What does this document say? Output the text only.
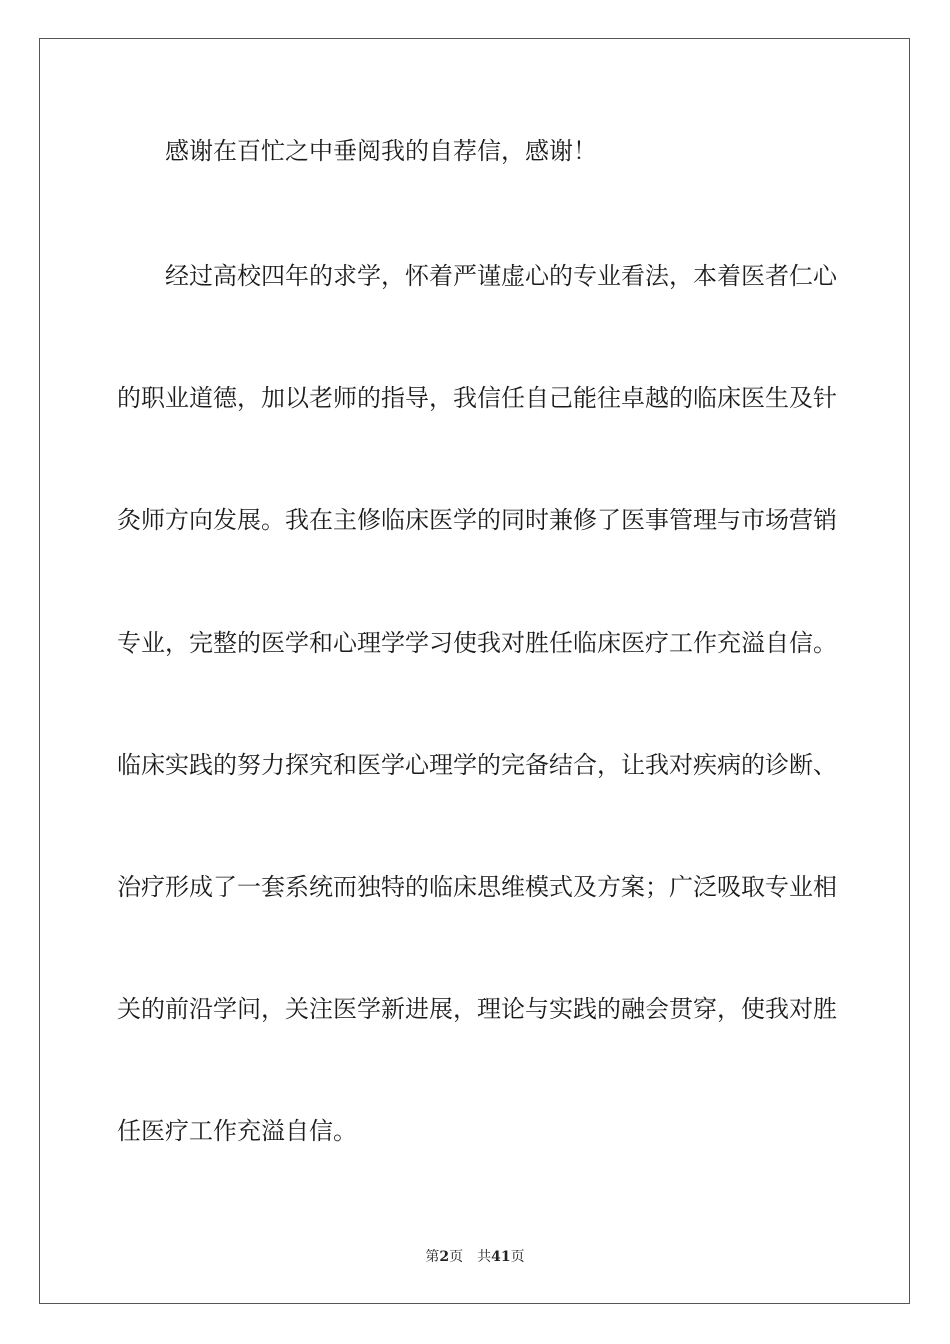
感谢在百忙之中垂阅我的自荐信，感谢！
经过高校四年的求学，怀着严谨虚心的专业看法，本着医者仁心
的职业道德，加以老师的指导，我信任自己能往卓越的临床医生及针
灸师方向发展。我在主修临床医学的同时兼修了医事管理与市场营销
专业，完整的医学和心理学学习使我对胜任临床医疗工作充溢自信。
临床实践的努力探究和医学心理学的完备结合，让我对疾病的诊断、
治疗形成了一套系统而独特的临床思维模式及方案；广泛吸取专业相
关的前沿学问，关注医学新进展，理论与实践的融会贯穿，使我对胜
任医疗工作充溢自信。
第2页 共41页
